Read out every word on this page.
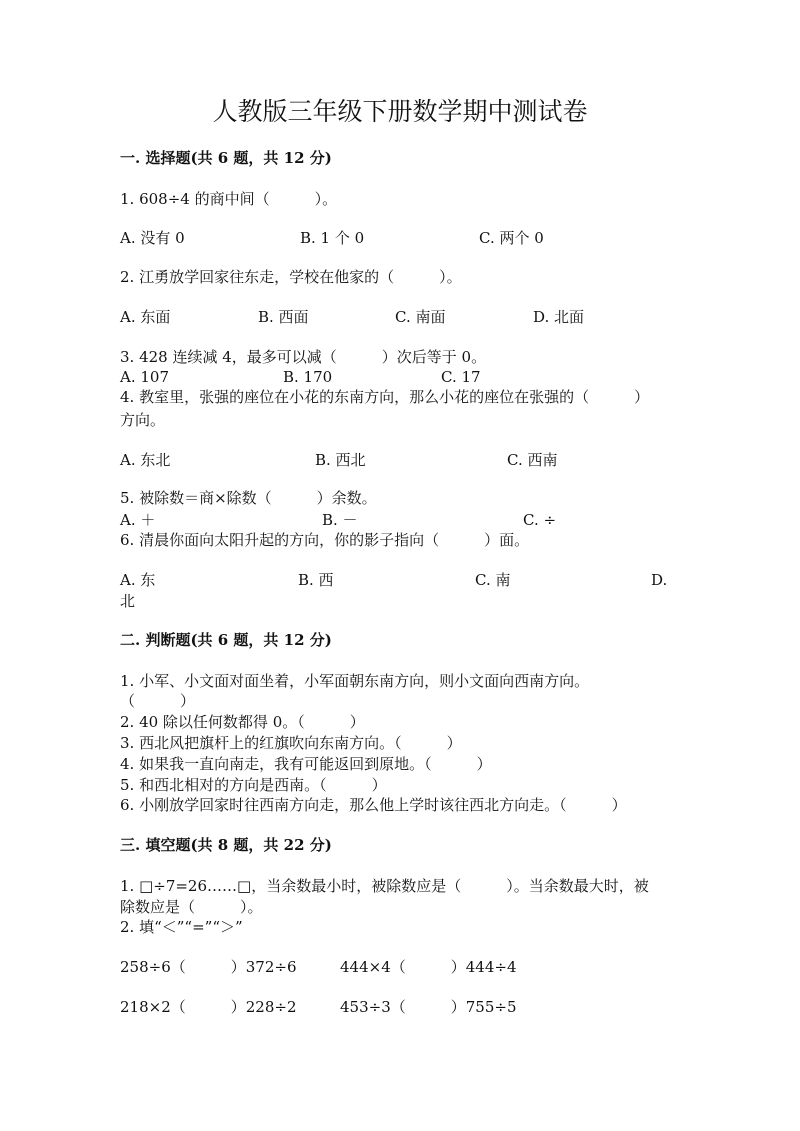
人教版三年级下册数学期中测试卷
一. 选择题(共 6 题，共 12 分)
1. 608÷4 的商中间（　　　）。
A. 没有 0	B. 1 个 0	C. 两个 0
2. 江勇放学回家往东走，学校在他家的（　　　）。
A. 东面	B. 西面	C. 南面	D. 北面
3. 428 连续减 4，最多可以减（　　　）次后等于 0。
A. 107	B. 170	C. 17
4. 教室里，张强的座位在小花的东南方向，那么小花的座位在张强的（　　　）
方向。
A. 东北	B. 西北	C. 西南
5. 被除数＝商×除数（　　　）余数。
A. ＋	B. －	C. ÷
6. 清晨你面向太阳升起的方向，你的影子指向（　　　）面。
A. 东	B. 西	C. 南	D.
北
二. 判断题(共 6 题，共 12 分)
1. 小军、小文面对面坐着，小军面朝东南方向，则小文面向西南方向。
（　　　）
2. 40 除以任何数都得 0。（　　　）
3. 西北风把旗杆上的红旗吹向东南方向。（　　　）
4. 如果我一直向南走，我有可能返回到原地。（　　　）
5. 和西北相对的方向是西南。（　　　）
6. 小刚放学回家时往西南方向走，那么他上学时该往西北方向走。（　　　）
三. 填空题(共 8 题，共 22 分)
1. □÷7=26……□，当余数最小时，被除数应是（　　　）。当余数最大时，被
除数应是（　　　）。
2. 填“＜”“=”“＞”
258÷6（　　　）372÷6	444×4（　　　）444÷4
218×2（　　　）228÷2	453÷3（　　　）755÷5
